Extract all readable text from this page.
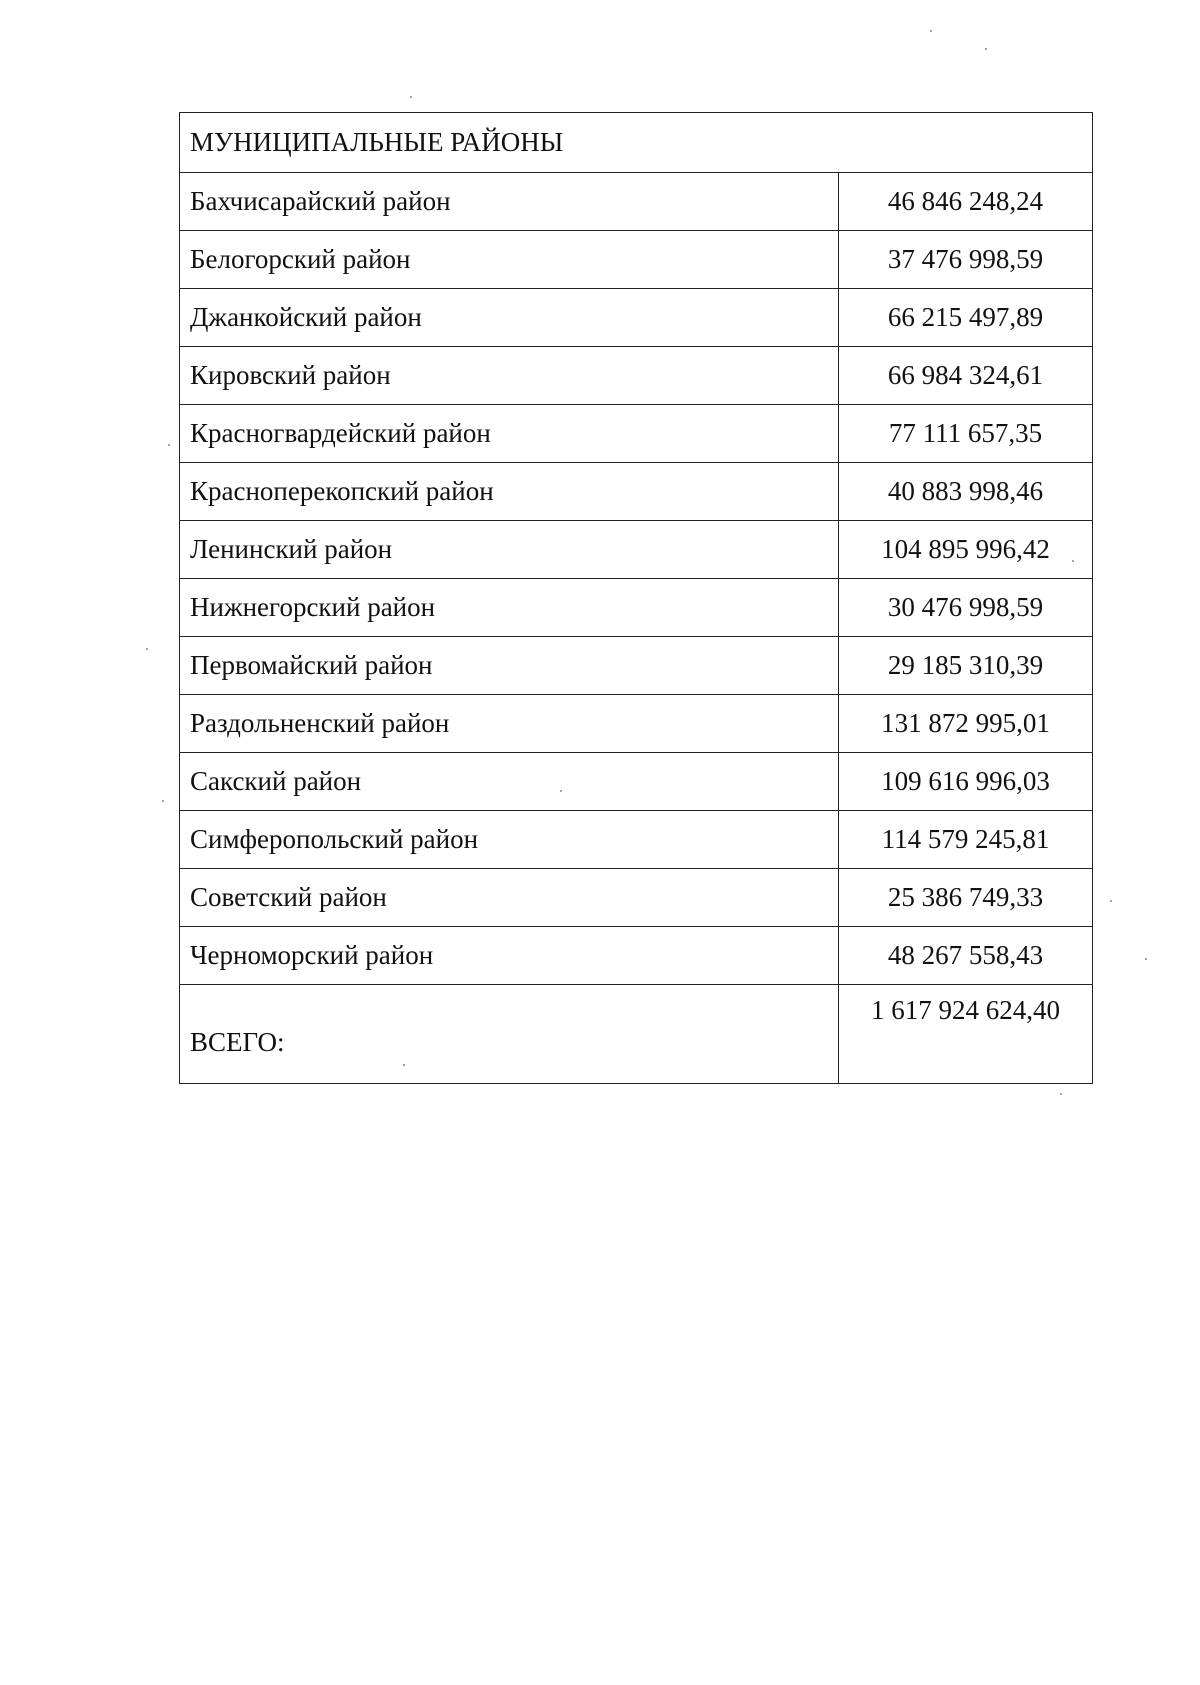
МУНИЦИПАЛЬНЫЕ РАЙОНЫ	
Бахчисарайский район	46 846 248,24
Белогорский район	37 476 998,59
Джанкойский район	66 215 497,89
Кировский район	66 984 324,61
Красногвардейский район	77 111 657,35
Красноперекопский район	40 883 998,46
Ленинский район	104 895 996,42
Нижнегорский район	30 476 998,59
Первомайский район	29 185 310,39
Раздольненский район	131 872 995,01
Сакский район	109 616 996,03
Симферопольский район	114 579 245,81
Советский район	25 386 749,33
Черноморский район	48 267 558,43
ВСЕГО:	1 617 924 624,40
